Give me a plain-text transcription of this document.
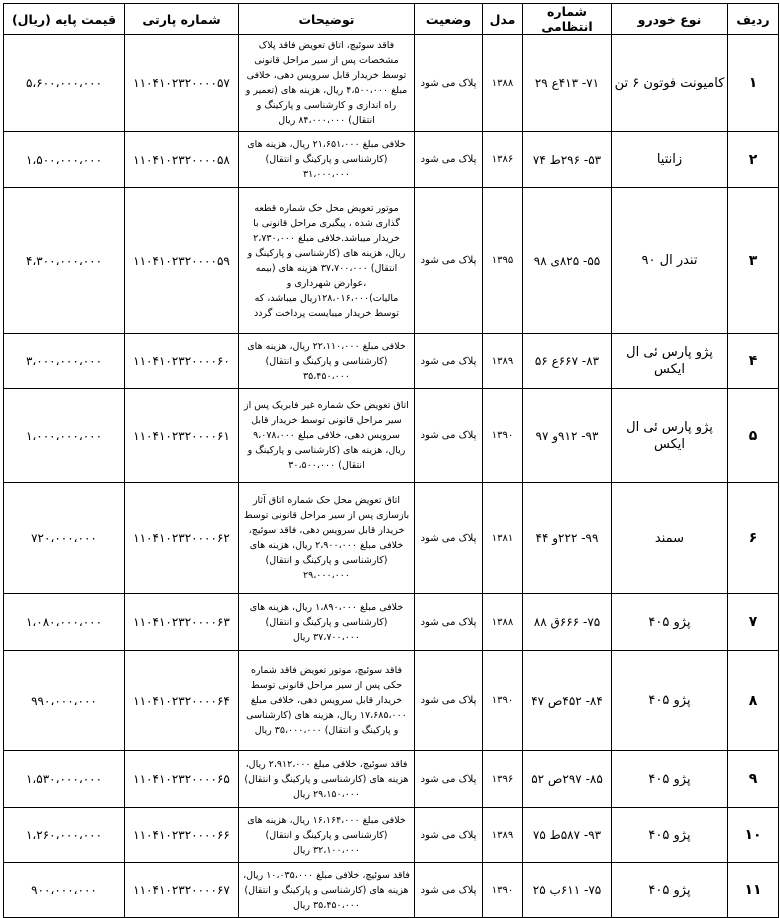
ردیف	نوع خودرو	شماره انتظامی	مدل	وضعیت	توضیحات	شماره پارتی	قیمت پایه (ریال)
۱	کامیونت فوتون ۶ تن	۷۱- ۴۱۳ع ۲۹	۱۳۸۸	پلاک می شود	فاقد سوئیچ، اتاق تعویض فاقد پلاک مشخصات پس از سیر مراحل قانونی توسط خریدار قابل سرویس دهی، خلافی مبلغ ۴،۵۰۰،۰۰۰ ریال، هزینه های (تعمیر و راه اندازی و کارشناسی و پارکینگ و انتقال) ۸۴،۰۰۰،۰۰۰ ریال	۱۱۰۴۱۰۲۳۲۰۰۰۰۵۷	۵،۶۰۰،۰۰۰،۰۰۰
۲	زانتیا	۵۳- ۲۹۶ط ۷۴	۱۳۸۶	پلاک می شود	خلافی مبلغ ۲۱،۶۵۱،۰۰۰ ریال، هزینه های (کارشناسی و پارکینگ و انتقال) ۳۱،۰۰۰،۰۰۰	۱۱۰۴۱۰۲۳۲۰۰۰۰۵۸	۱،۵۰۰،۰۰۰،۰۰۰
۳	تندر ال ۹۰	۵۵- ۸۲۵ی ۹۸	۱۳۹۵	پلاک می شود	موتور تعویض محل حک شماره قطعه گذاری شده ، پیگیری مراحل قانونی با خریدار میباشد.خلافی مبلغ ۲،۷۳۰،۰۰۰ ریال، هزینه های (کارشناسی و پارکینگ و انتقال) ۳۷،۷۰۰،۰۰۰ هزینه های (بیمه ،عوارض شهرداری و مالیات)۱۲۸،۰۱۶،۰۰۰ریال میباشد، که توسط خریدار میبایست پرداخت گردد	۱۱۰۴۱۰۲۳۲۰۰۰۰۵۹	۴،۳۰۰،۰۰۰،۰۰۰
۴	پژو پارس ئی ال ایکس	۸۳- ۶۶۷ع ۵۶	۱۳۸۹	پلاک می شود	خلافی مبلغ ۲۲،۱۱۰،۰۰۰ ریال، هزینه های (کارشناسی و پارکینگ و انتقال) ۳۵،۴۵۰،۰۰۰	۱۱۰۴۱۰۲۳۲۰۰۰۰۶۰	۳،۰۰۰،۰۰۰،۰۰۰
۵	پژو پارس ئی ال ایکس	۹۳- ۹۱۲و ۹۷	۱۳۹۰	پلاک می شود	اتاق تعویض حک شماره غیر فابریک پس از سیر مراحل قانونی توسط خریدار قابل سرویس دهی، خلافی مبلغ ۹،۰۷۸،۰۰۰ ریال، هزینه های (کارشناسی و پارکینگ و انتقال) ۳۰،۵۰۰،۰۰۰	۱۱۰۴۱۰۲۳۲۰۰۰۰۶۱	۱،۰۰۰،۰۰۰،۰۰۰
۶	سمند	۹۹- ۲۲۲و ۴۴	۱۳۸۱	پلاک می شود	اتاق تعویض محل حک شماره اتاق آثار بازسازی پس از سیر مراحل قانونی توسط خریدار قابل سرویس دهی، فاقد سوئیچ، خلافی مبلغ ۲،۹۰۰،۰۰۰ ریال، هزینه های (کارشناسی و پارکینگ و انتقال) ۲۹،۰۰۰،۰۰۰	۱۱۰۴۱۰۲۳۲۰۰۰۰۶۲	۷۲۰،۰۰۰،۰۰۰
۷	پژو ۴۰۵	۷۵- ۶۶۶ق ۸۸	۱۳۸۸	پلاک می شود	خلافی مبلغ ۱،۸۹۰،۰۰۰ ریال، هزینه های (کارشناسی و پارکینگ و انتقال) ۳۷،۷۰۰،۰۰۰ ریال	۱۱۰۴۱۰۲۳۲۰۰۰۰۶۳	۱،۰۸۰،۰۰۰،۰۰۰
۸	پژو ۴۰۵	۸۴- ۴۵۲ص ۴۷	۱۳۹۰	پلاک می شود	فاقد سوئیچ، موتور تعویض فاقد شماره حکی پس از سیر مراحل قانونی توسط خریدار قابل سرویس دهی، خلافی مبلغ ۱۷،۶۸۵،۰۰۰ ریال، هزینه های (کارشناسی و پارکینگ و انتقال) ۳۵،۰۰۰،۰۰۰ ریال	۱۱۰۴۱۰۲۳۲۰۰۰۰۶۴	۹۹۰،۰۰۰،۰۰۰
۹	پژو ۴۰۵	۸۵- ۲۹۷ص ۵۲	۱۳۹۶	پلاک می شود	فاقد سوئیچ، خلافی مبلغ ۲،۹۱۲،۰۰۰ ریال، هزینه های (کارشناسی و پارکینگ و انتقال) ۲۹،۱۵۰،۰۰۰ ریال	۱۱۰۴۱۰۲۳۲۰۰۰۰۶۵	۱،۵۳۰،۰۰۰،۰۰۰
۱۰	پژو ۴۰۵	۹۳- ۵۸۷ط ۷۵	۱۳۸۹	پلاک می شود	خلافی مبلغ ۱۶،۱۶۴،۰۰۰ ریال، هزینه های (کارشناسی و پارکینگ و انتقال) ۳۲،۱۰۰،۰۰۰ ریال	۱۱۰۴۱۰۲۳۲۰۰۰۰۶۶	۱،۲۶۰،۰۰۰،۰۰۰
۱۱	پژو ۴۰۵	۷۵- ۶۱۱ب ۲۵	۱۳۹۰	پلاک می شود	فاقد سوئیچ، خلافی مبلغ ۱۰،۰۳۵،۰۰۰ ریال، هزینه های (کارشناسی و پارکینگ و انتقال) ۳۵،۴۵۰،۰۰۰ ریال	۱۱۰۴۱۰۲۳۲۰۰۰۰۶۷	۹۰۰،۰۰۰،۰۰۰
